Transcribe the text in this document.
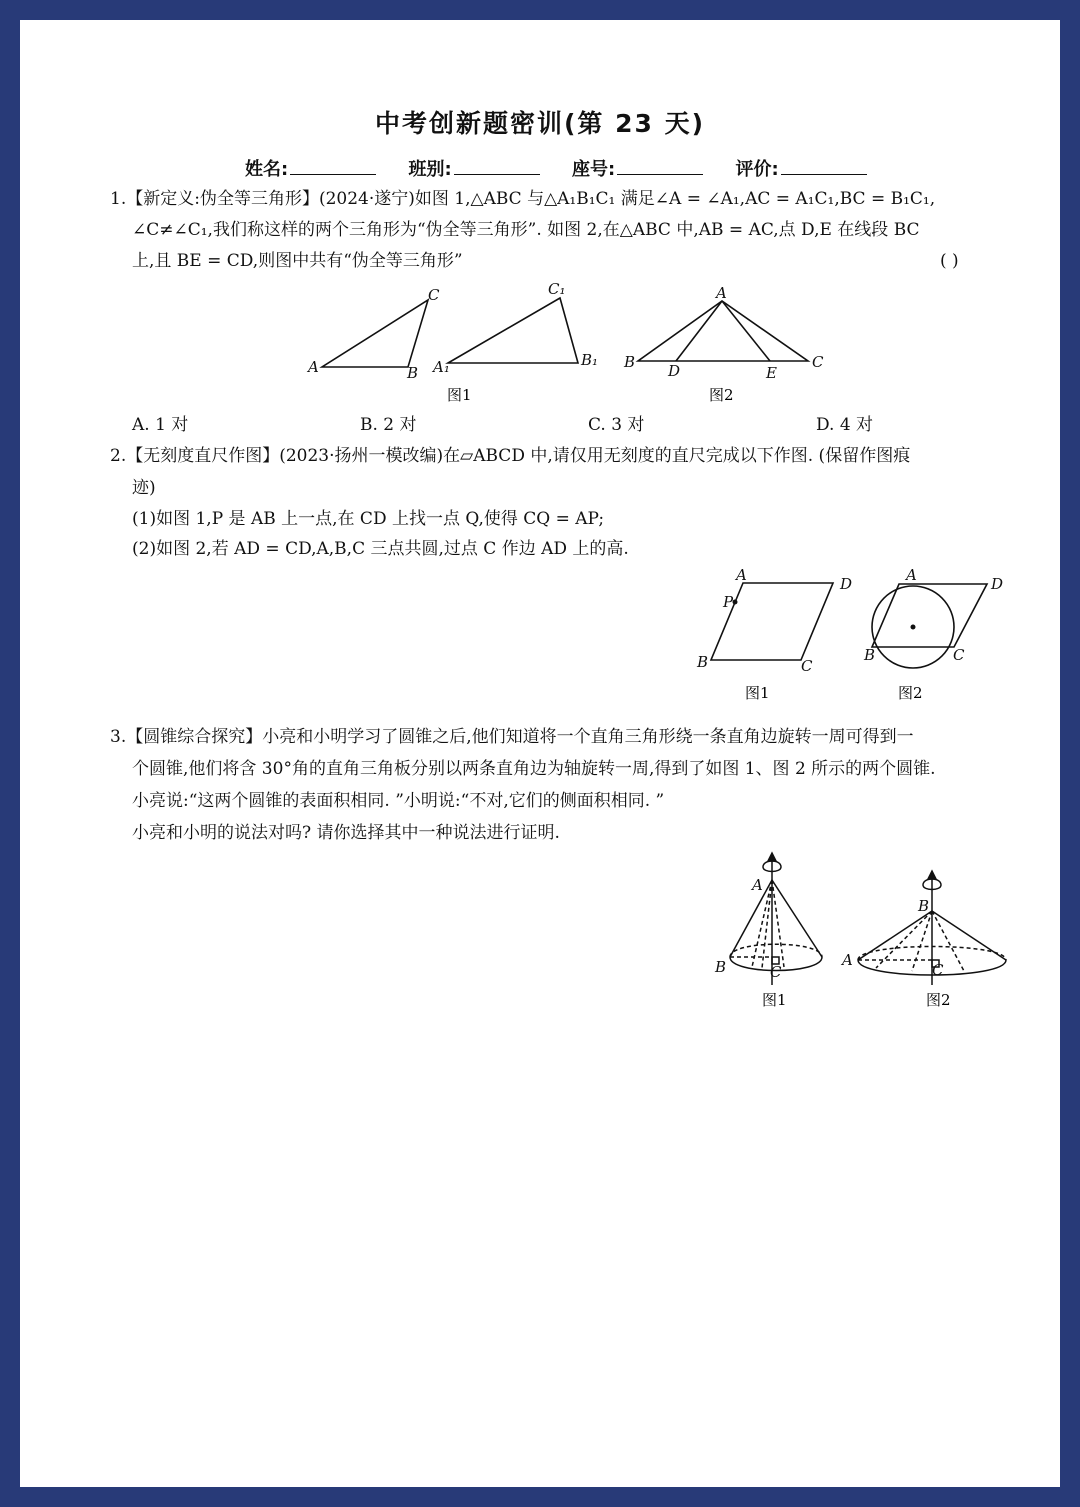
中考创新题密训(第 23 天)
姓名:	班别:	座号:	评价:
1.【新定义:伪全等三角形】(2024·遂宁)如图 1,△ABC 与△A₁B₁C₁ 满足∠A = ∠A₁,AC = A₁C₁,BC = B₁C₁,
∠C≠∠C₁,我们称这样的两个三角形为“伪全等三角形”. 如图 2,在△ABC 中,AB = AC,点 D,E 在线段 BC
上,且 BE = CD,则图中共有“伪全等三角形”	( )
A	B
C
A₁	B₁
C₁	A
B	C
D	E
图1	图2
A. 1 对	B. 2 对	C. 3 对	D. 4 对
2.【无刻度直尺作图】(2023·扬州一模改编)在▱ABCD 中,请仅用无刻度的直尺完成以下作图. (保留作图痕
迹)
(1)如图 1,P 是 AB 上一点,在 CD 上找一点 Q,使得 CQ = AP;
(2)如图 2,若 AD = CD,A,B,C 三点共圆,过点 C 作边 AD 上的高.
A
B	C
D
P
A
B	C
D
图1	图2
3.【圆锥综合探究】小亮和小明学习了圆锥之后,他们知道将一个直角三角形绕一条直角边旋转一周可得到一
个圆锥,他们将含 30°角的直角三角板分别以两条直角边为轴旋转一周,得到了如图 1、图 2 所示的两个圆锥.
小亮说:“这两个圆锥的表面积相同. ”小明说:“不对,它们的侧面积相同. ”
小亮和小明的说法对吗? 请你选择其中一种说法进行证明.
A
B	C
A
B
C
图1	图2
